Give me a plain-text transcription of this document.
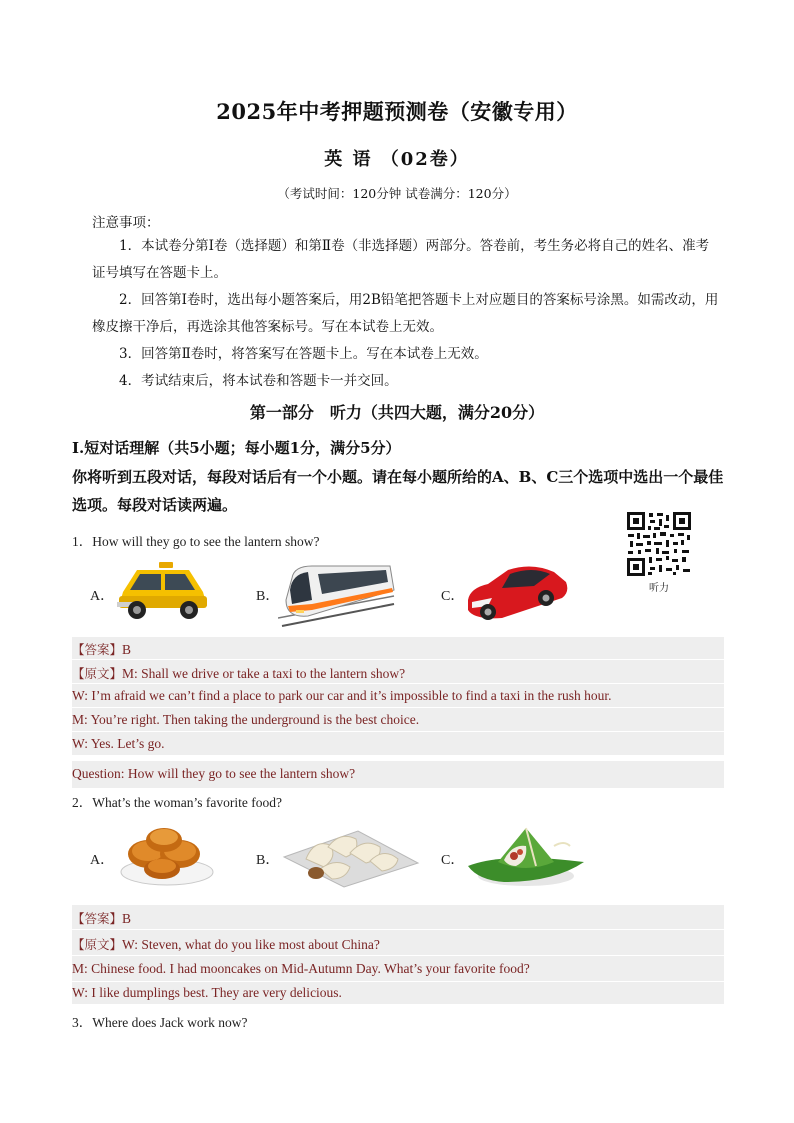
2025年中考押题预测卷（安徽专用）
英 语 （02卷）
（考试时间：120分钟 试卷满分：120分）
注意事项：
1．本试卷分第Ⅰ卷（选择题）和第Ⅱ卷（非选择题）两部分。答卷前，考生务必将自己的姓名、准考证号填写在答题卡上。
2．回答第Ⅰ卷时，选出每小题答案后，用2B铅笔把答题卡上对应题目的答案标号涂黑。如需改动，用橡皮擦干净后，再选涂其他答案标号。写在本试卷上无效。
3．回答第Ⅱ卷时，将答案写在答题卡上。写在本试卷上无效。
4．考试结束后，将本试卷和答题卡一并交回。
第一部分　听力（共四大题，满分20分）
Ⅰ.短对话理解（共5小题；每小题1分，满分5分）
你将听到五段对话，每段对话后有一个小题。请在每小题所给的A、B、C三个选项中选出一个最佳选项。每段对话读两遍。
听力
1．How will they go to see the lantern show?
A．	B．	C．
【答案】B
【原文】M: Shall we drive or take a taxi to the lantern show?
W: I’m afraid we can’t find a place to park our car and it’s impossible to find a taxi in the rush hour.
M: You’re right. Then taking the underground is the best choice.
W: Yes. Let’s go.
Question: How will they go to see the lantern show?
2．What’s the woman’s favorite food?
A．	B．	C．
【答案】B
【原文】W: Steven, what do you like most about China?
M: Chinese food. I had mooncakes on Mid-Autumn Day. What’s your favorite food?
W: I like dumplings best. They are very delicious.
3．Where does Jack work now?
